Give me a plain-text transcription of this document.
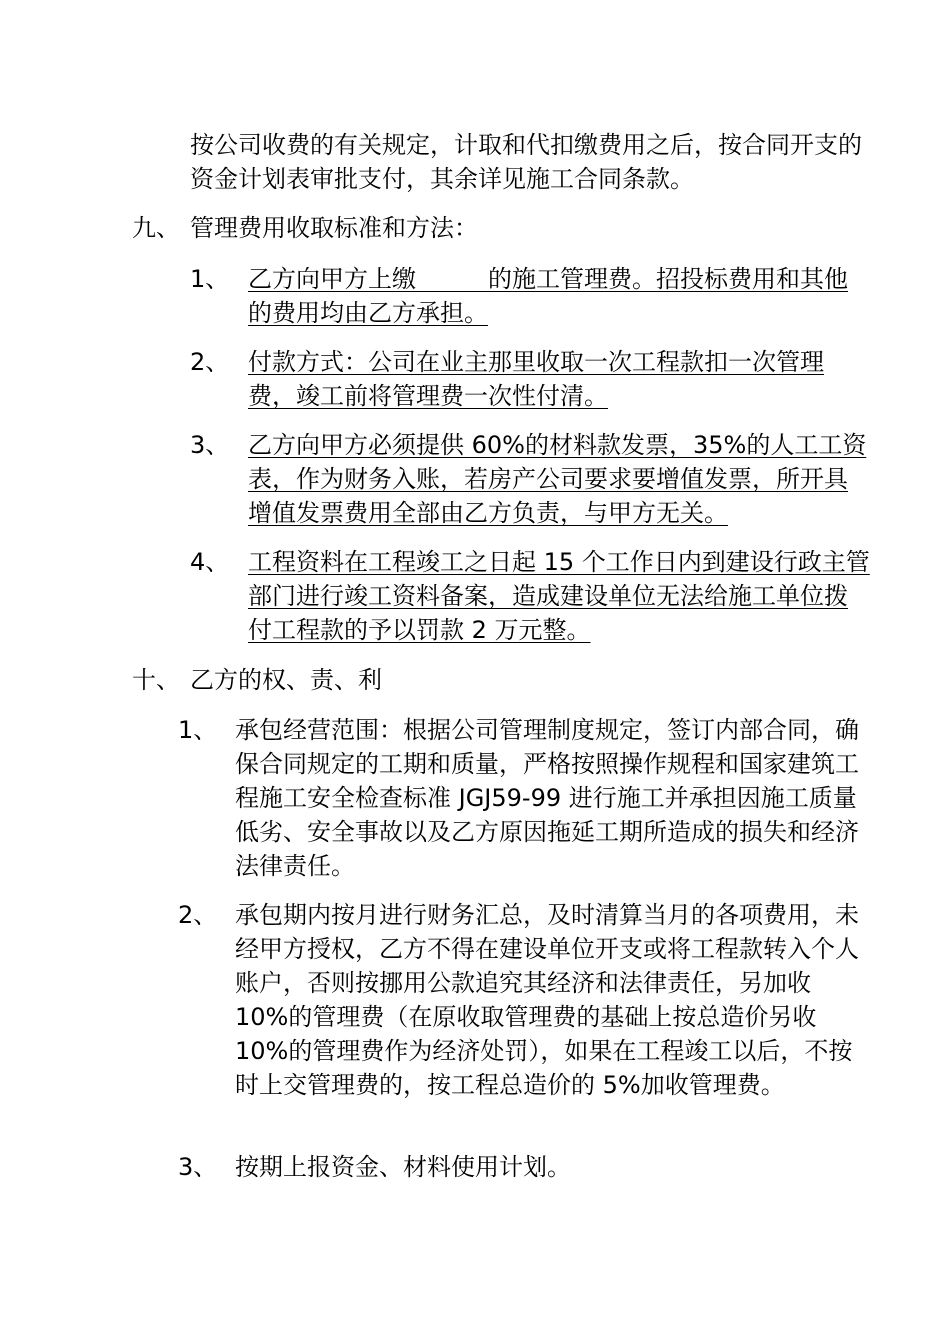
按公司收费的有关规定，计取和代扣缴费用之后，按合同开支的资金计划表审批支付，其余详见施工合同条款。

九、 管理费用收取标准和方法：
1、 乙方向甲方上缴　　　的施工管理费。招投标费用和其他的费用均由乙方承担。
2、 付款方式：公司在业主那里收取一次工程款扣一次管理费，竣工前将管理费一次性付清。
3、 乙方向甲方必须提供 60%的材料款发票，35%的人工工资表，作为财务入账，若房产公司要求要增值发票，所开具增值发票费用全部由乙方负责，与甲方无关。
4、 工程资料在工程竣工之日起 15 个工作日内到建设行政主管部门进行竣工资料备案，造成建设单位无法给施工单位拨付工程款的予以罚款 2 万元整。
十、 乙方的权、责、利
1、 承包经营范围：根据公司管理制度规定，签订内部合同，确保合同规定的工期和质量，严格按照操作规程和国家建筑工程施工安全检查标准 JGJ59-99 进行施工并承担因施工质量低劣、安全事故以及乙方原因拖延工期所造成的损失和经济法律责任。
2、 承包期内按月进行财务汇总，及时清算当月的各项费用，未经甲方授权，乙方不得在建设单位开支或将工程款转入个人账户，否则按挪用公款追究其经济和法律责任，另加收 10%的管理费（在原收取管理费的基础上按总造价另收 10%的管理费作为经济处罚），如果在工程竣工以后，不按时上交管理费的，按工程总造价的 5%加收管理费。
3、 按期上报资金、材料使用计划。
